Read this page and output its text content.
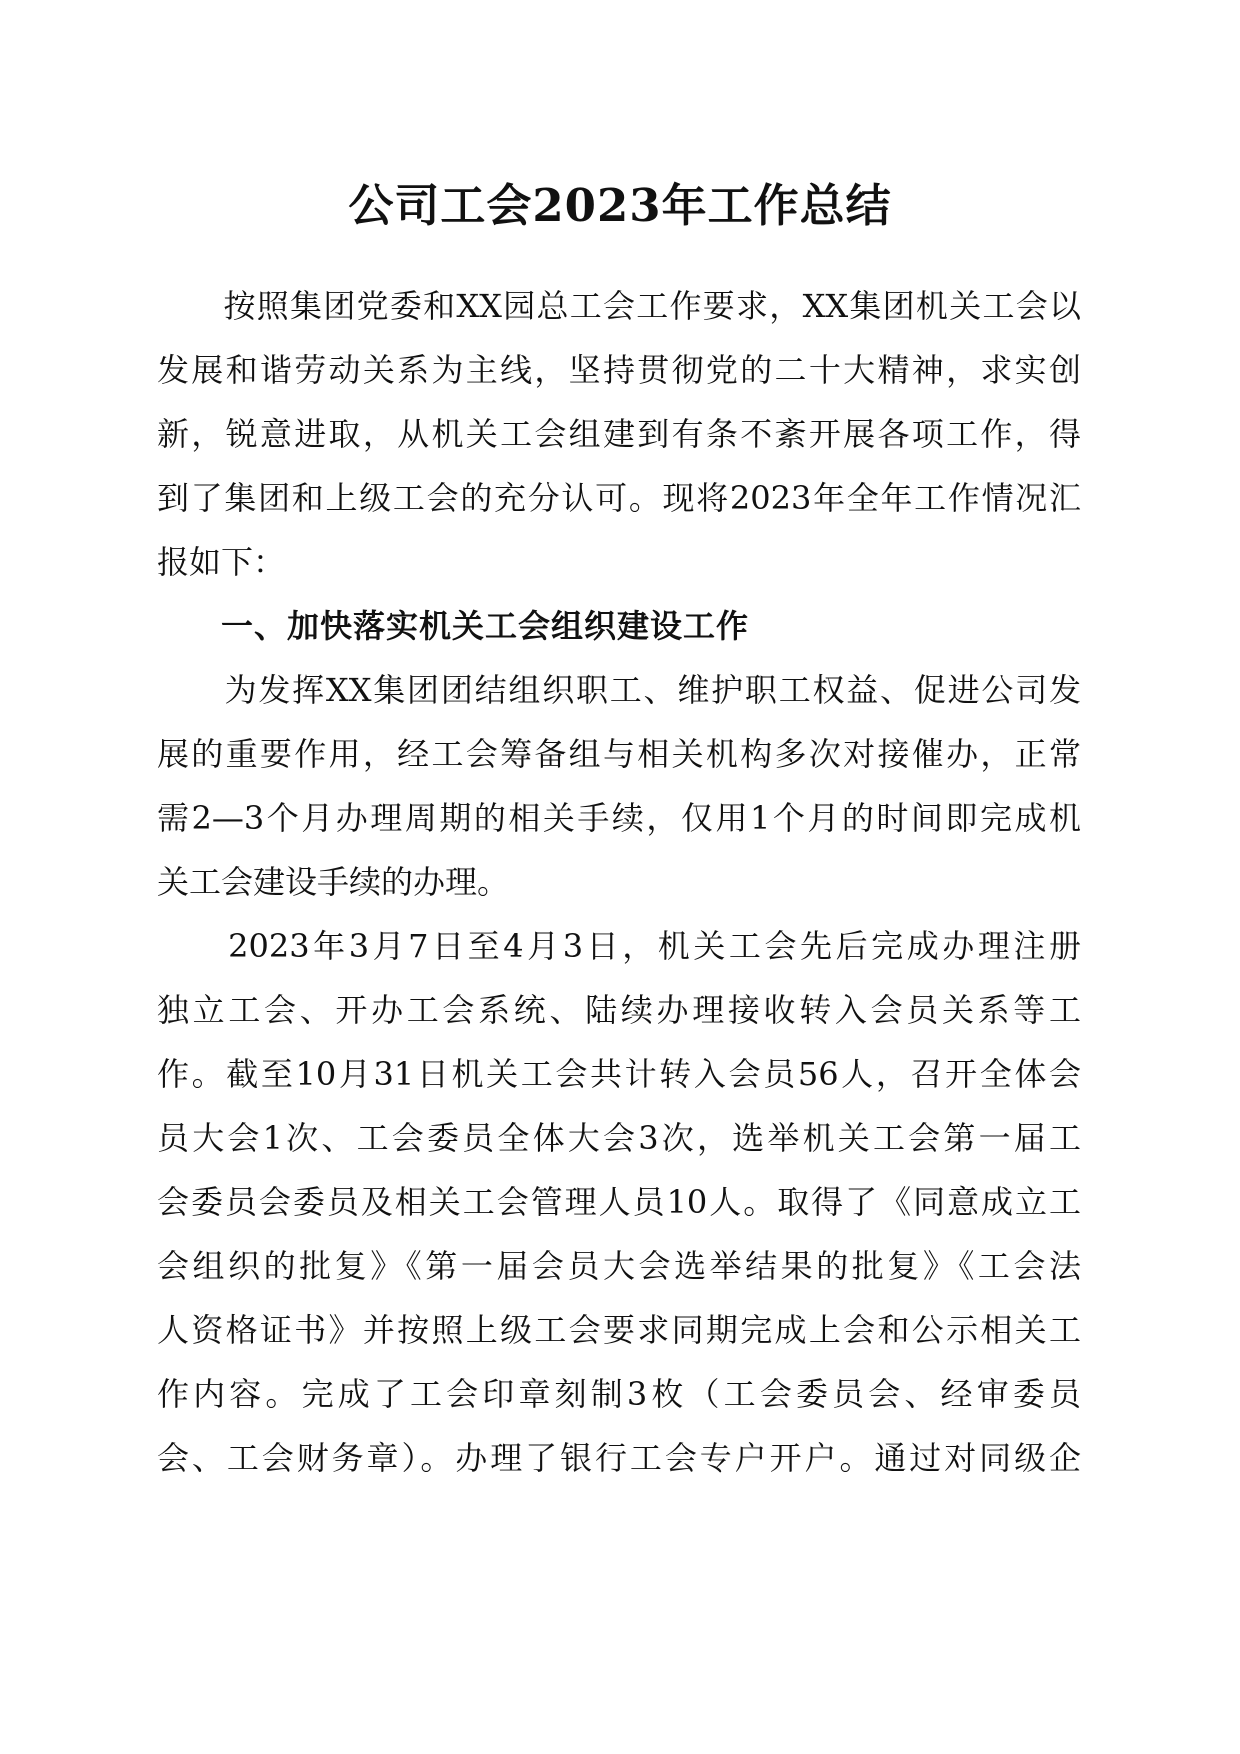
公司工会2023年工作总结
　　按照集团党委和XX园总工会工作要求，XX集团机关工会以
发展和谐劳动关系为主线，坚持贯彻党的二十大精神，求实创
新，锐意进取，从机关工会组建到有条不紊开展各项工作，得
到了集团和上级工会的充分认可。现将2023年全年工作情况汇
报如下：
一、加快落实机关工会组织建设工作
　　为发挥XX集团团结组织职工、维护职工权益、促进公司发
展的重要作用，经工会筹备组与相关机构多次对接催办，正常
需2—3个月办理周期的相关手续，仅用1个月的时间即完成机
关工会建设手续的办理。
　　2023年3月7日至4月3日，机关工会先后完成办理注册
独立工会、开办工会系统、陆续办理接收转入会员关系等工
作。截至10月31日机关工会共计转入会员56人，召开全体会
员大会1次、工会委员全体大会3次，选举机关工会第一届工
会委员会委员及相关工会管理人员10人。取得了《同意成立工
会组织的批复》《第一届会员大会选举结果的批复》《工会法
人资格证书》并按照上级工会要求同期完成上会和公示相关工
作内容。完成了工会印章刻制3枚（工会委员会、经审委员
会、工会财务章）。办理了银行工会专户开户。通过对同级企
